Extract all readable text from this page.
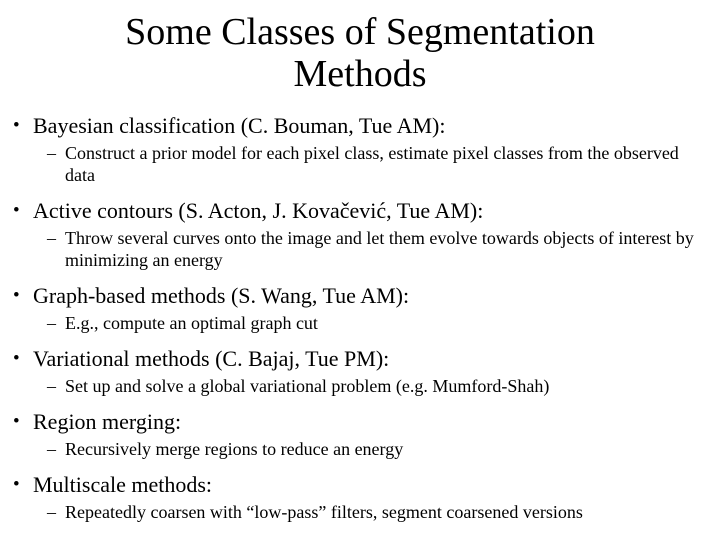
Some Classes of Segmentation
Methods
• Bayesian classification (C. Bouman, Tue AM):
– Construct a prior model for each pixel class, estimate pixel classes from the observed data
• Active contours (S. Acton, J. Kovačević, Tue AM):
– Throw several curves onto the image and let them evolve towards objects of interest by minimizing an energy
• Graph-based methods (S. Wang, Tue AM):
– E.g., compute an optimal graph cut
• Variational methods (C. Bajaj, Tue PM):
– Set up and solve a global variational problem (e.g. Mumford-Shah)
• Region merging:
– Recursively merge regions to reduce an energy
• Multiscale methods:
– Repeatedly coarsen with “low-pass” filters, segment coarsened versions
